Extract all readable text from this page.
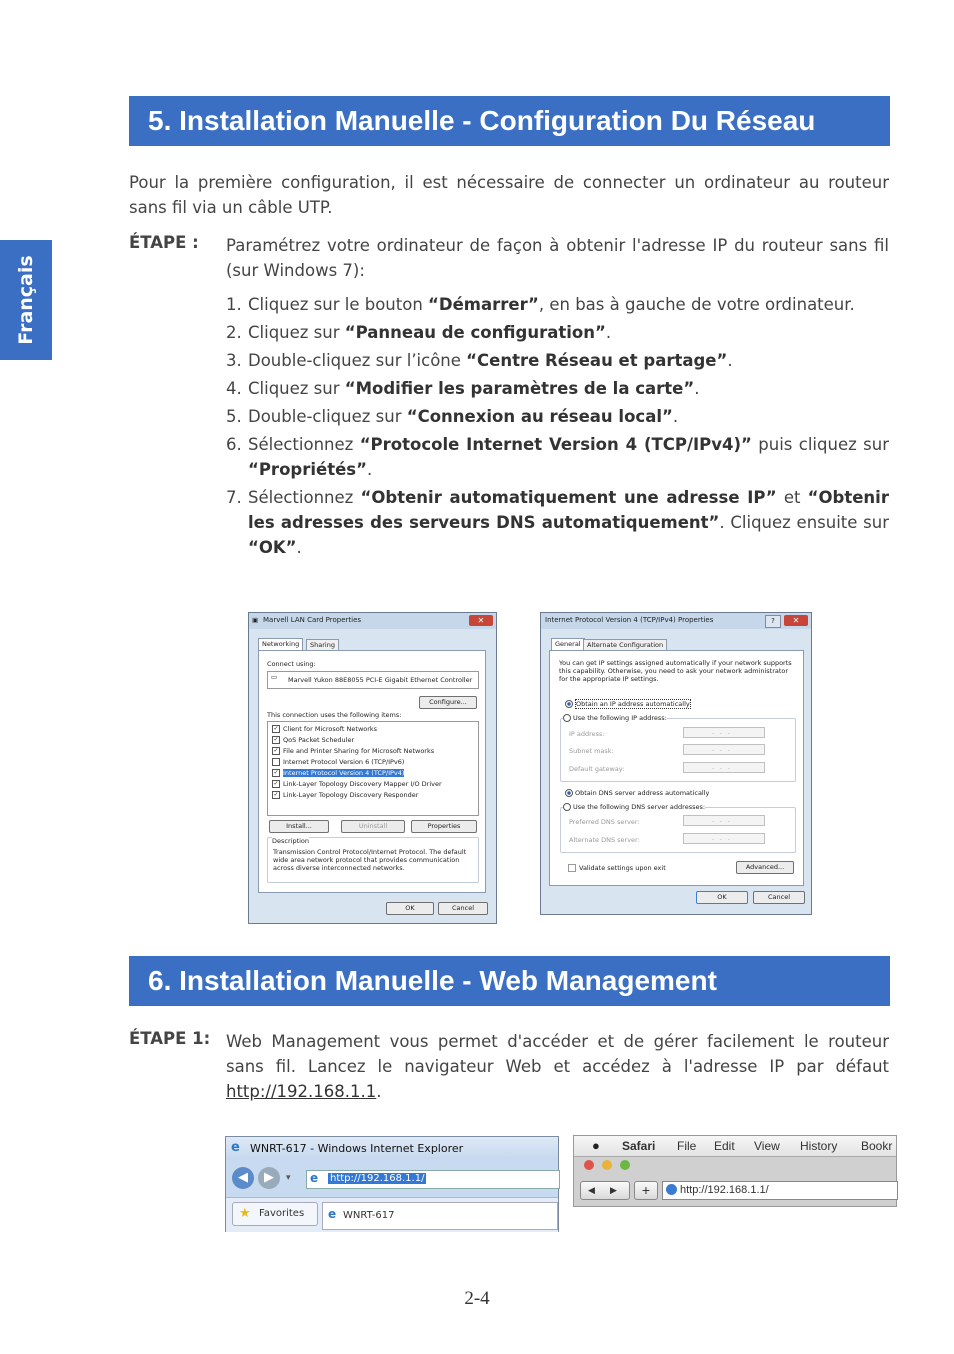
Français
5. Installation Manuelle - Configuration Du Réseau
Pour la première configuration, il est nécessaire de connecter un ordinateur au routeur sans fil via un câble UTP.
ÉTAPE : Paramétrez votre ordinateur de façon à obtenir l'adresse IP du routeur sans fil (sur Windows 7):
1. Cliquez sur le bouton “Démarrer”, en bas à gauche de votre ordinateur.
2. Cliquez sur “Panneau de configuration”.
3. Double-cliquez sur l’icône “Centre Réseau et partage”.
4. Cliquez sur “Modifier les paramètres de la carte”.
5. Double-cliquez sur “Connexion au réseau local”.
6. Sélectionnez “Protocole Internet Version 4 (TCP/IPv4)” puis cliquez sur “Propriétés”.
7. Sélectionnez “Obtenir automatiquement une adresse IP” et “Obtenir les adresses des serveurs DNS automatiquement”. Cliquez ensuite sur “OK”.
▣ Marvell LAN Card Properties	✕
Networking	Sharing
Connect using:
▭ Marvell Yukon 88E8055 PCI-E Gigabit Ethernet Controller
Configure...
This connection uses the following items:
✓ Client for Microsoft Networks
✓ QoS Packet Scheduler
✓ File and Printer Sharing for Microsoft Networks
Internet Protocol Version 6 (TCP/IPv6)
✓ Internet Protocol Version 4 (TCP/IPv4)
✓ Link-Layer Topology Discovery Mapper I/O Driver
✓ Link-Layer Topology Discovery Responder
Install...	Uninstall	Properties
Description
Transmission Control Protocol/Internet Protocol. The default wide area network protocol that provides communication across diverse interconnected networks.
OK	Cancel
Internet Protocol Version 4 (TCP/IPv4) Properties	?	✕
General Alternate Configuration
You can get IP settings assigned automatically if your network supports this capability. Otherwise, you need to ask your network administrator for the appropriate IP settings.
Obtain an IP address automatically
Use the following IP address:
IP address:	...
Subnet mask:	...
Default gateway:	...
Obtain DNS server address automatically
Use the following DNS server addresses:
Preferred DNS server:	...
Alternate DNS server:	...
Validate settings upon exit	Advanced...
OK	Cancel
6. Installation Manuelle - Web Management
ÉTAPE 1: Web Management vous permet d'accéder et de gérer facilement le routeur sans fil. Lancez le navigateur Web et accédez à l'adresse IP par défaut http://192.168.1.1.
e WNRT-617 - Windows Internet Explorer
◀	▶	▾ e http://192.168.1.1/
★ Favorites e WNRT-617
● Safari File Edit View History Bookr
◀ ▶	+	http://192.168.1.1/
2-4
